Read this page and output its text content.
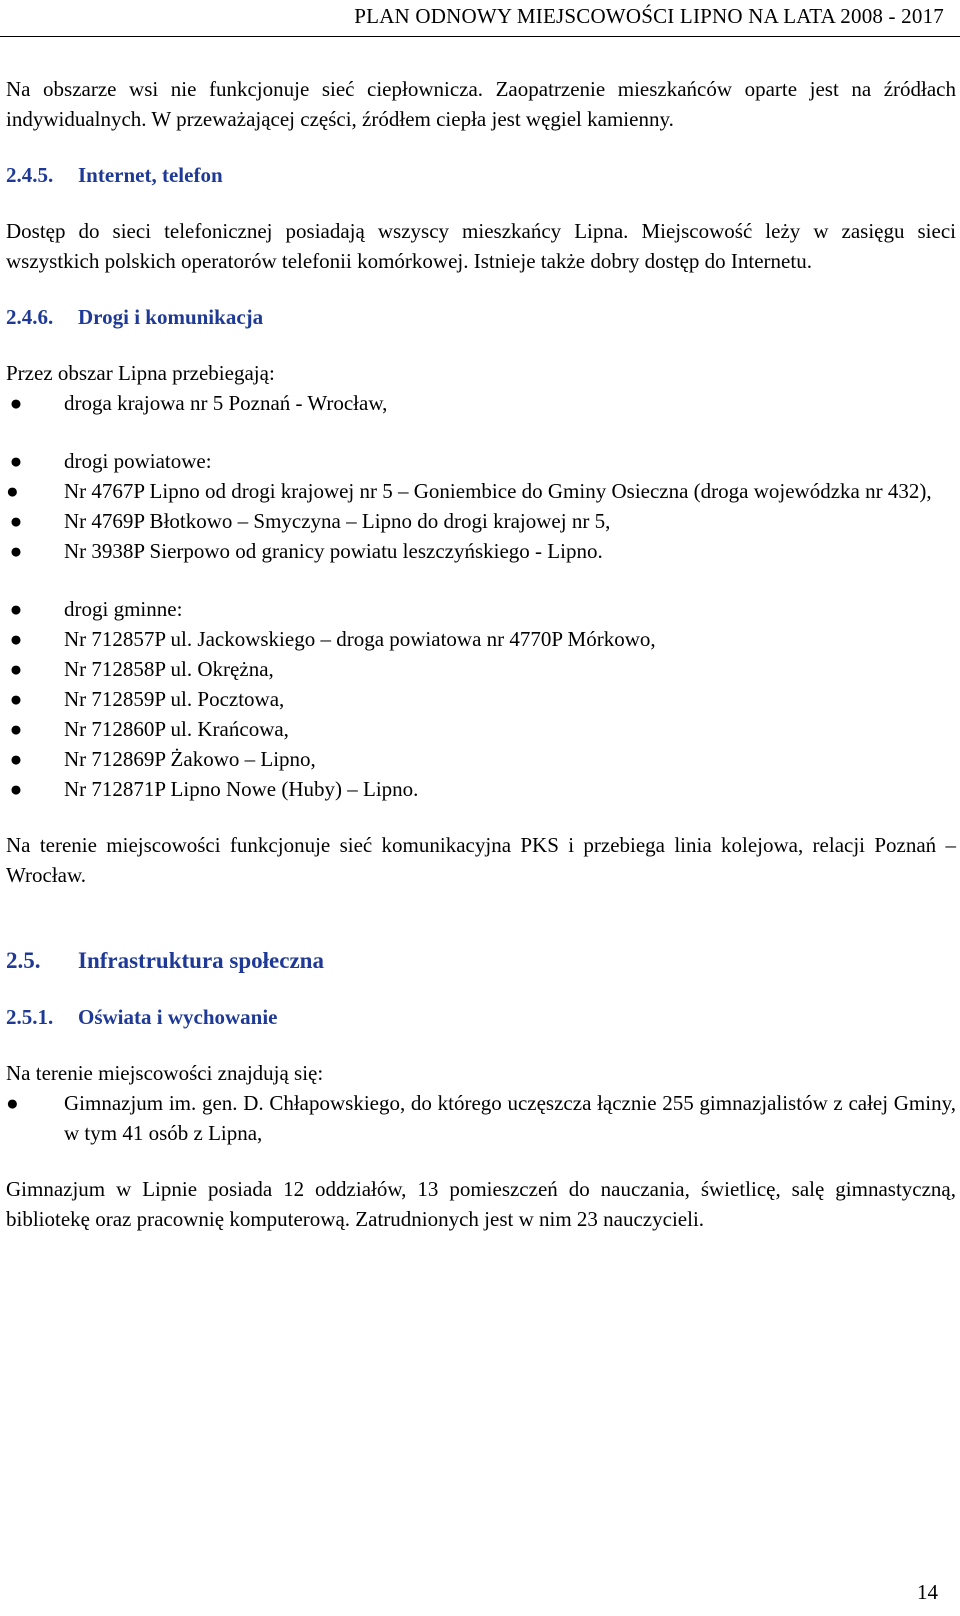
PLAN ODNOWY MIEJSCOWOŚCI LIPNO NA LATA 2008 - 2017

Na obszarze wsi nie funkcjonuje sieć ciepłownicza. Zaopatrzenie mieszkańców oparte jest na źródłach indywidualnych. W przeważającej części, źródłem ciepła jest węgiel kamienny.

2.4.5.	Internet, telefon

Dostęp do sieci telefonicznej posiadają wszyscy mieszkańcy Lipna. Miejscowość leży w zasięgu sieci wszystkich polskich operatorów telefonii komórkowej. Istnieje także dobry dostęp do Internetu.

2.4.6.	Drogi i komunikacja

Przez obszar Lipna przebiegają:

● droga krajowa nr 5 Poznań - Wrocław,
● drogi powiatowe:
●	Nr 4767P Lipno od drogi krajowej nr 5 – Goniembice do Gminy Osieczna (droga wojewódzka nr 432),
● Nr 4769P Błotkowo – Smyczyna – Lipno do drogi krajowej nr 5,
● Nr 3938P Sierpowo od granicy powiatu leszczyńskiego - Lipno.
● drogi gminne:
● Nr 712857P ul. Jackowskiego – droga powiatowa nr 4770P Mórkowo,
● Nr 712858P ul. Okrężna,
● Nr 712859P ul. Pocztowa,
● Nr 712860P ul. Krańcowa,
● Nr 712869P Żakowo – Lipno,
● Nr 712871P Lipno Nowe (Huby) – Lipno.

Na terenie miejscowości funkcjonuje sieć komunikacyjna PKS i przebiega linia kolejowa, relacji Poznań – Wrocław.

2.5.	Infrastruktura społeczna
2.5.1.	Oświata i wychowanie

Na terenie miejscowości znajdują się:

●	Gimnazjum im. gen. D. Chłapowskiego, do którego uczęszcza łącznie 255 gimnazjalistów z całej Gminy, w tym 41 osób z Lipna,

Gimnazjum w Lipnie posiada 12 oddziałów, 13 pomieszczeń do nauczania, świetlicę, salę gimnastyczną, bibliotekę oraz pracownię komputerową. Zatrudnionych jest w nim 23 nauczycieli.

14
